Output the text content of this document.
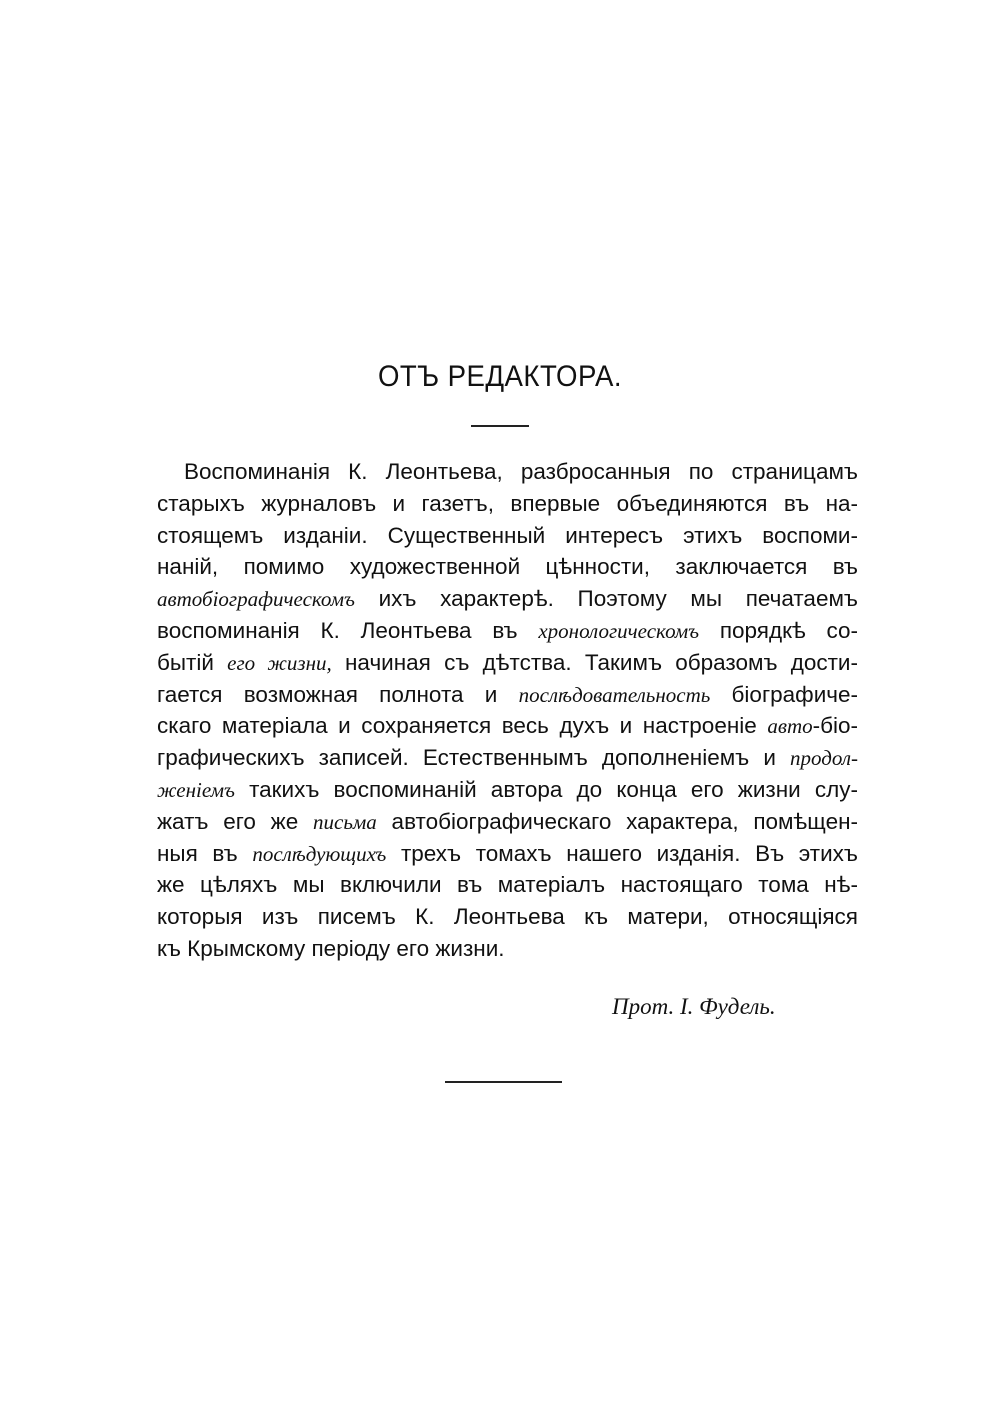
ОТЪ РЕДАКТОРА.
Воспоминанія К. Леонтьева, разбросанныя по страницамъ
старыхъ журналовъ и газетъ, впервые объединяются въ на-
стоящемъ изданіи. Существенный интересъ этихъ воспоми-
наній, помимо художественной цѣнности, заключается въ
автобіографическомъ ихъ характерѣ. Поэтому мы печатаемъ
воспоминанія К. Леонтьева въ хронологическомъ порядкѣ со-
бытій его жизни, начиная съ дѣтства. Такимъ образомъ дости-
гается возможная полнота и послѣдовательность біографиче-
скаго матеріала и сохраняется весь духъ и настроеніе авто-біо-
графическихъ записей. Естественнымъ дополненіемъ и продол-
женіемъ такихъ воспоминаній автора до конца его жизни слу-
жатъ его же письма автобіографическаго характера, помѣщен-
ныя въ послѣдующихъ трехъ томахъ нашего изданія. Въ этихъ
же цѣляхъ мы включили въ матеріалъ настоящаго тома нѣ-
которыя изъ писемъ К. Леонтьева къ матери, относящіяся
къ Крымскому періоду его жизни.
Прот. I. Фудель.
